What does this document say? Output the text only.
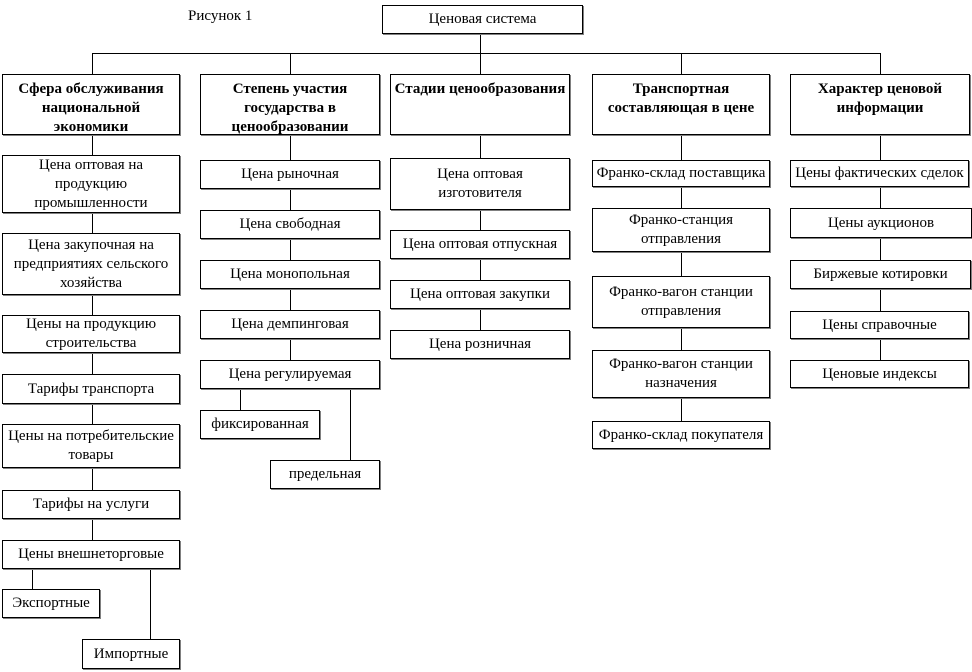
Рисунок 1	Ценовая система
Сфера обслуживания национальной экономики
Степень участия государства в ценообразовании
Стадии ценообразования	Транспортная составляющая в цене
Характер ценовой информации
Цена оптовая на продукцию промышленности
Цена закупочная на предприятиях сельского хозяйства
Цены на продукцию строительства
Тарифы транспорта
Цены на потребительские товары
Тарифы на услуги
Цены внешнеторговые
Экспортные
Импортные
Цена рыночная
Цена свободная
Цена монопольная
Цена демпинговая
Цена регулируемая
фиксированная
предельная
Цена оптовая изготовителя
Цена оптовая отпускная
Цена оптовая закупки
Цена розничная
Франко-склад поставщика
Франко-станция отправления
Франко-вагон станции отправления
Франко-вагон станции назначения
Франко-склад покупателя
Цены фактических сделок
Цены аукционов
Биржевые котировки
Цены справочные
Ценовые индексы
